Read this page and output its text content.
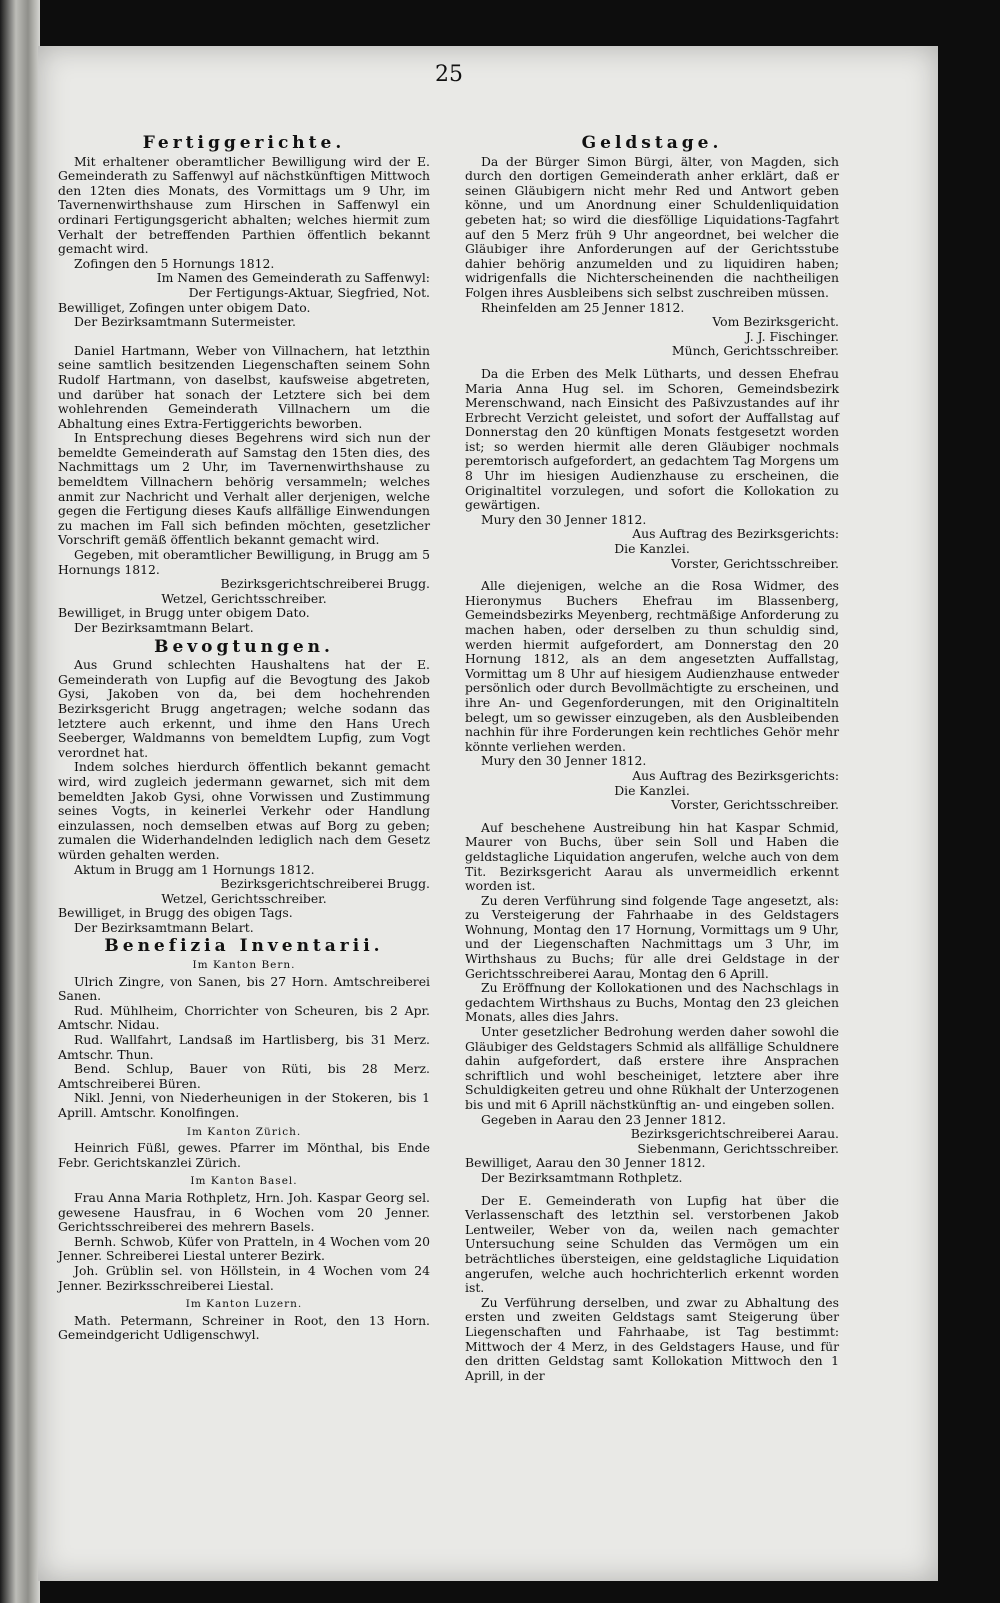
25
Fertiggerichte.

Mit erhaltener oberamtlicher Bewilligung wird der E. Gemeinderath zu Saffenwyl auf nächstkünftigen Mittwoch den 12ten dies Monats, des Vormittags um 9 Uhr, im Tavernenwirthshause zum Hirschen in Saffenwyl ein ordinari Fertigungsgericht abhalten; welches hiermit zum Verhalt der betreffenden Parthien öffentlich bekannt gemacht wird.

Zofingen den 5 Hornungs 1812.

Im Namen des Gemeinderath zu Saffenwyl:

Der Fertigungs-Aktuar, Siegfried, Not.

Bewilliget, Zofingen unter obigem Dato.

Der Bezirksamtmann Sutermeister.

Daniel Hartmann, Weber von Villnachern, hat letzthin seine samtlich besitzenden Liegenschaften seinem Sohn Rudolf Hartmann, von daselbst, kaufsweise abgetreten, und darüber hat sonach der Letztere sich bei dem wohlehrenden Gemeinderath Villnachern um die Abhaltung eines Extra-Fertiggerichts beworben.

In Entsprechung dieses Begehrens wird sich nun der bemeldte Gemeinderath auf Samstag den 15ten dies, des Nachmittags um 2 Uhr, im Tavernenwirthshause zu bemeldtem Villnachern behörig versammeln; welches anmit zur Nachricht und Verhalt aller derjenigen, welche gegen die Fertigung dieses Kaufs allfällige Einwendungen zu machen im Fall sich befinden möchten, gesetzlicher Vorschrift gemäß öffentlich bekannt gemacht wird.

Gegeben, mit oberamtlicher Bewilligung, in Brugg am 5 Hornungs 1812.

Bezirksgerichtschreiberei Brugg.

Wetzel, Gerichtsschreiber.

Bewilliget, in Brugg unter obigem Dato.

Der Bezirksamtmann Belart.

Bevogtungen.

Aus Grund schlechten Haushaltens hat der E. Gemeinderath von Lupfig auf die Bevogtung des Jakob Gysi, Jakoben von da, bei dem hochehrenden Bezirksgericht Brugg angetragen; welche sodann das letztere auch erkennt, und ihme den Hans Urech Seeberger, Waldmanns von bemeldtem Lupfig, zum Vogt verordnet hat.

Indem solches hierdurch öffentlich bekannt gemacht wird, wird zugleich jedermann gewarnet, sich mit dem bemeldten Jakob Gysi, ohne Vorwissen und Zustimmung seines Vogts, in keinerlei Verkehr oder Handlung einzulassen, noch demselben etwas auf Borg zu geben; zumalen die Widerhandelnden lediglich nach dem Gesetz würden gehalten werden.

Aktum in Brugg am 1 Hornungs 1812.

Bezirksgerichtschreiberei Brugg.

Wetzel, Gerichtsschreiber.

Bewilliget, in Brugg des obigen Tags.

Der Bezirksamtmann Belart.

Benefizia Inventarii.
Im Kanton Bern.

Ulrich Zingre, von Sanen, bis 27 Horn. Amtschreiberei Sanen.

Rud. Mühlheim, Chorrichter von Scheuren, bis 2 Apr. Amtschr. Nidau.

Rud. Wallfahrt, Landsaß im Hartlisberg, bis 31 Merz. Amtschr. Thun.

Bend. Schlup, Bauer von Rüti, bis 28 Merz. Amtschreiberei Büren.

Nikl. Jenni, von Niederheunigen in der Stokeren, bis 1 Aprill. Amtschr. Konolfingen.

Im Kanton Zürich.

Heinrich Füßl, gewes. Pfarrer im Mönthal, bis Ende Febr. Gerichtskanzlei Zürich.

Im Kanton Basel.

Frau Anna Maria Rothpletz, Hrn. Joh. Kaspar Georg sel. gewesene Hausfrau, in 6 Wochen vom 20 Jenner. Gerichtsschreiberei des mehrern Basels.

Bernh. Schwob, Küfer von Pratteln, in 4 Wochen vom 20 Jenner. Schreiberei Liestal unterer Bezirk.

Joh. Grüblin sel. von Höllstein, in 4 Wochen vom 24 Jenner. Bezirksschreiberei Liestal.

Im Kanton Luzern.

Math. Petermann, Schreiner in Root, den 13 Horn. Gemeindgericht Udligenschwyl.

Geldstage.

Da der Bürger Simon Bürgi, älter, von Magden, sich durch den dortigen Gemeinderath anher erklärt, daß er seinen Gläubigern nicht mehr Red und Antwort geben könne, und um Anordnung einer Schuldenliquidation gebeten hat; so wird die diesföllige Liquidations-Tagfahrt auf den 5 Merz früh 9 Uhr angeordnet, bei welcher die Gläubiger ihre Anforderungen auf der Gerichtsstube dahier behörig anzumelden und zu liquidiren haben; widrigenfalls die Nichterscheinenden die nachtheiligen Folgen ihres Ausbleibens sich selbst zuschreiben müssen.

Rheinfelden am 25 Jenner 1812.

Vom Bezirksgericht.

J. J. Fischinger.

Münch, Gerichtsschreiber.

Da die Erben des Melk Lütharts, und dessen Ehefrau Maria Anna Hug sel. im Schoren, Gemeindsbezirk Merenschwand, nach Einsicht des Paßivzustandes auf ihr Erbrecht Verzicht geleistet, und sofort der Auffallstag auf Donnerstag den 20 künftigen Monats festgesetzt worden ist; so werden hiermit alle deren Gläubiger nochmals peremtorisch aufgefordert, an gedachtem Tag Morgens um 8 Uhr im hiesigen Audienzhause zu erscheinen, die Originaltitel vorzulegen, und sofort die Kollokation zu gewärtigen.

Mury den 30 Jenner 1812.

Aus Auftrag des Bezirksgerichts:

Die Kanzlei.

Vorster, Gerichtsschreiber.

Alle diejenigen, welche an die Rosa Widmer, des Hieronymus Buchers Ehefrau im Blassenberg, Gemeindsbezirks Meyenberg, rechtmäßige Anforderung zu machen haben, oder derselben zu thun schuldig sind, werden hiermit aufgefordert, am Donnerstag den 20 Hornung 1812, als an dem angesetzten Auffallstag, Vormittag um 8 Uhr auf hiesigem Audienzhause entweder persönlich oder durch Bevollmächtigte zu erscheinen, und ihre An- und Gegenforderungen, mit den Originaltiteln belegt, um so gewisser einzugeben, als den Ausbleibenden nachhin für ihre Forderungen kein rechtliches Gehör mehr könnte verliehen werden.

Mury den 30 Jenner 1812.

Aus Auftrag des Bezirksgerichts:

Die Kanzlei.

Vorster, Gerichtsschreiber.

Auf beschehene Austreibung hin hat Kaspar Schmid, Maurer von Buchs, über sein Soll und Haben die geldstagliche Liquidation angerufen, welche auch von dem Tit. Bezirksgericht Aarau als unvermeidlich erkennt worden ist.

Zu deren Verführung sind folgende Tage angesetzt, als: zu Versteigerung der Fahrhaabe in des Geldstagers Wohnung, Montag den 17 Hornung, Vormittags um 9 Uhr, und der Liegenschaften Nachmittags um 3 Uhr, im Wirthshaus zu Buchs; für alle drei Geldstage in der Gerichtsschreiberei Aarau, Montag den 6 Aprill.

Zu Eröffnung der Kollokationen und des Nachschlags in gedachtem Wirthshaus zu Buchs, Montag den 23 gleichen Monats, alles dies Jahrs.

Unter gesetzlicher Bedrohung werden daher sowohl die Gläubiger des Geldstagers Schmid als allfällige Schuldnere dahin aufgefordert, daß erstere ihre Ansprachen schriftlich und wohl bescheiniget, letztere aber ihre Schuldigkeiten getreu und ohne Rükhalt der Unterzogenen bis und mit 6 Aprill nächstkünftig an- und eingeben sollen.

Gegeben in Aarau den 23 Jenner 1812.

Bezirksgerichtschreiberei Aarau.

Siebenmann, Gerichtsschreiber.

Bewilliget, Aarau den 30 Jenner 1812.

Der Bezirksamtmann Rothpletz.

Der E. Gemeinderath von Lupfig hat über die Verlassenschaft des letzthin sel. verstorbenen Jakob Lentweiler, Weber von da, weilen nach gemachter Untersuchung seine Schulden das Vermögen um ein beträchtliches übersteigen, eine geldstagliche Liquidation angerufen, welche auch hochrichterlich erkennt worden ist.

Zu Verführung derselben, und zwar zu Abhaltung des ersten und zweiten Geldstags samt Steigerung über Liegenschaften und Fahrhaabe, ist Tag bestimmt: Mittwoch der 4 Merz, in des Geldstagers Hause, und für den dritten Geldstag samt Kollokation Mittwoch den 1 Aprill, in der
